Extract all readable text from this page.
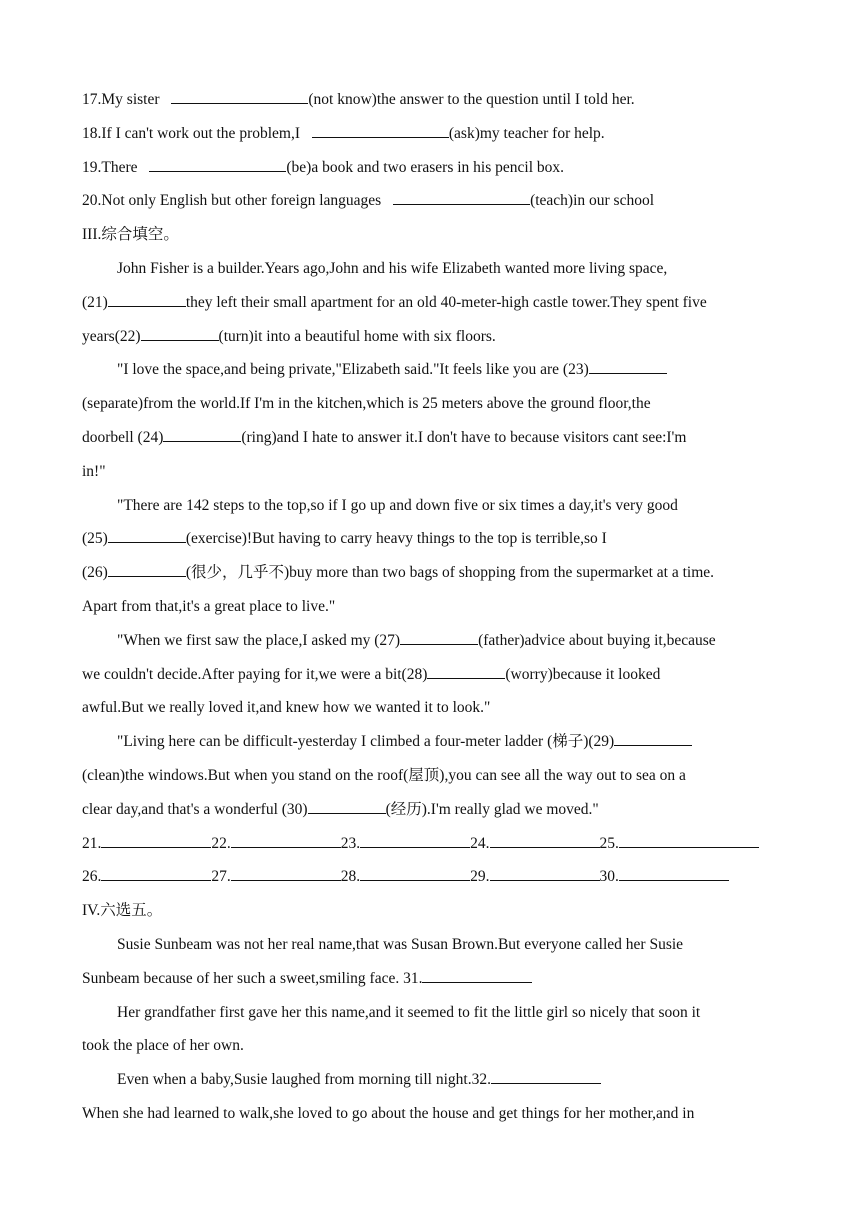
17.My sister	(not know)the answer to the question until I told her.
18.If I can't work out the problem,I	(ask)my teacher for help.
19.There	(be)a book and two erasers in his pencil box.
20.Not only English but other foreign languages	(teach)in our school
III.综合填空。
John Fisher is a builder.Years ago,John and his wife Elizabeth wanted more living space,
(21)	they left their small apartment for an old 40-meter-high castle tower.They spent five
years(22)	(turn)it into a beautiful home with six floors.
"I love the space,and being private,"Elizabeth said."It feels like you are (23)
(separate)from the world.If I'm in the kitchen,which is 25 meters above the ground floor,the
doorbell (24)	(ring)and I hate to answer it.I don't have to because visitors cant see:I'm
in!"
"There are 142 steps to the top,so if I go up and down five or six times a day,it's very good
(25)	(exercise)!But having to carry heavy things to the top is terrible,so I
(26)	(很少，几乎不)buy more than two bags of shopping from the supermarket at a time.
Apart from that,it's a great place to live."
"When we first saw the place,I asked my (27)	(father)advice about buying it,because
we couldn't decide.After paying for it,we were a bit(28)	(worry)because it looked
awful.But we really loved it,and knew how we wanted it to look."
"Living here can be difficult-yesterday I climbed a four-meter ladder (梯子)(29)
(clean)the windows.But when you stand on the roof(屋顶),you can see all the way out to sea on a
clear day,and that's a wonderful (30)	(经历).I'm really glad we moved."
21.	22.	23.	24.	25.
26.	27.	28.	29.	30.
IV.六选五。
Susie Sunbeam was not her real name,that was Susan Brown.But everyone called her Susie
Sunbeam because of her such a sweet,smiling face. 31.
Her grandfather first gave her this name,and it seemed to fit the little girl so nicely that soon it
took the place of her own.
Even when a baby,Susie laughed from morning till night.32.
When she had learned to walk,she loved to go about the house and get things for her mother,and in
